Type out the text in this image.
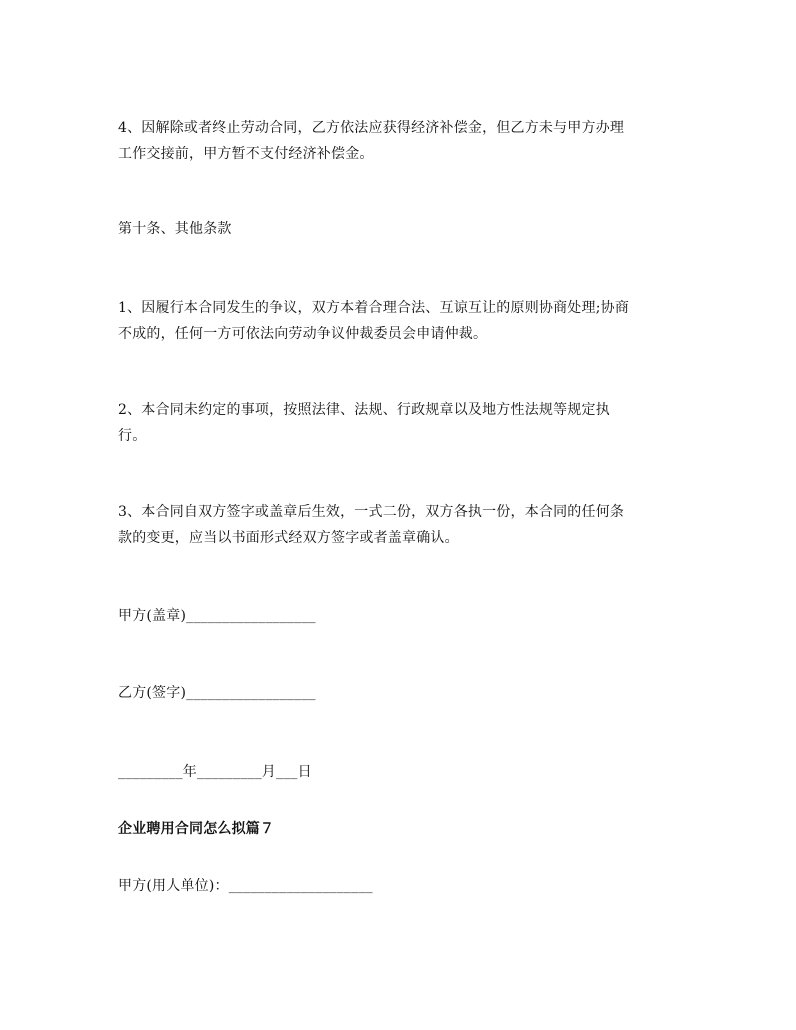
4、因解除或者终止劳动合同，乙方依法应获得经济补偿金，但乙方未与甲方办理
工作交接前，甲方暂不支付经济补偿金。
第十条、其他条款
1、因履行本合同发生的争议，双方本着合理合法、互谅互让的原则协商处理;协商
不成的，任何一方可依法向劳动争议仲裁委员会申请仲裁。
2、本合同未约定的事项，按照法律、法规、行政规章以及地方性法规等规定执
行。
3、本合同自双方签字或盖章后生效，一式二份，双方各执一份，本合同的任何条
款的变更，应当以书面形式经双方签字或者盖章确认。
甲方(盖章)__________________
乙方(签字)__________________
_________年_________月___日
企业聘用合同怎么拟篇７
甲方(用人单位)：____________________
